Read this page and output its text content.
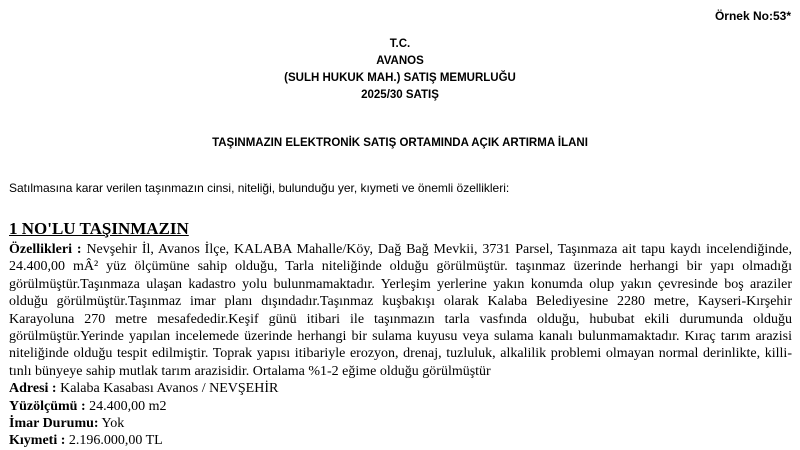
Örnek No:53*
T.C.
AVANOS
(SULH HUKUK MAH.) SATIŞ MEMURLUĞU
2025/30 SATIŞ
TAŞINMAZIN ELEKTRONİK SATIŞ ORTAMINDA AÇIK ARTIRMA İLANI
Satılmasına karar verilen taşınmazın cinsi, niteliği, bulunduğu yer, kıymeti ve önemli özellikleri:
1 NO'LU TAŞINMAZIN
Özellikleri : Nevşehir İl, Avanos İlçe, KALABA Mahalle/Köy, Dağ Bağ Mevkii, 3731 Parsel, Taşınmaza ait tapu kaydı incelendiğinde, 24.400,00 mÂ² yüz ölçümüne sahip olduğu, Tarla niteliğinde olduğu görülmüştür. taşınmaz üzerinde herhangi bir yapı olmadığı görülmüştür.Taşınmaza ulaşan kadastro yolu bulunmamaktadır. Yerleşim yerlerine yakın konumda olup yakın çevresinde boş araziler olduğu görülmüştür.Taşınmaz imar planı dışındadır.Taşınmaz kuşbakışı olarak Kalaba Belediyesine 2280 metre, Kayseri-Kırşehir Karayoluna 270 metre mesafededir.Keşif günü itibari ile taşınmazın tarla vasfında olduğu, hububat ekili durumunda olduğu görülmüştür.Yerinde yapılan incelemede üzerinde herhangi bir sulama kuyusu veya sulama kanalı bulunmamaktadır. Kıraç tarım arazisi niteliğinde olduğu tespit edilmiştir. Toprak yapısı itibariyle erozyon, drenaj, tuzluluk, alkalilik problemi olmayan normal derinlikte, killi-tınlı bünyeye sahip mutlak tarım arazisidir. Ortalama %1-2 eğime olduğu görülmüştür
Adresi : Kalaba Kasabası Avanos / NEVŞEHİR
Yüzölçümü : 24.400,00 m2
İmar Durumu: Yok
Kıymeti : 2.196.000,00 TL
